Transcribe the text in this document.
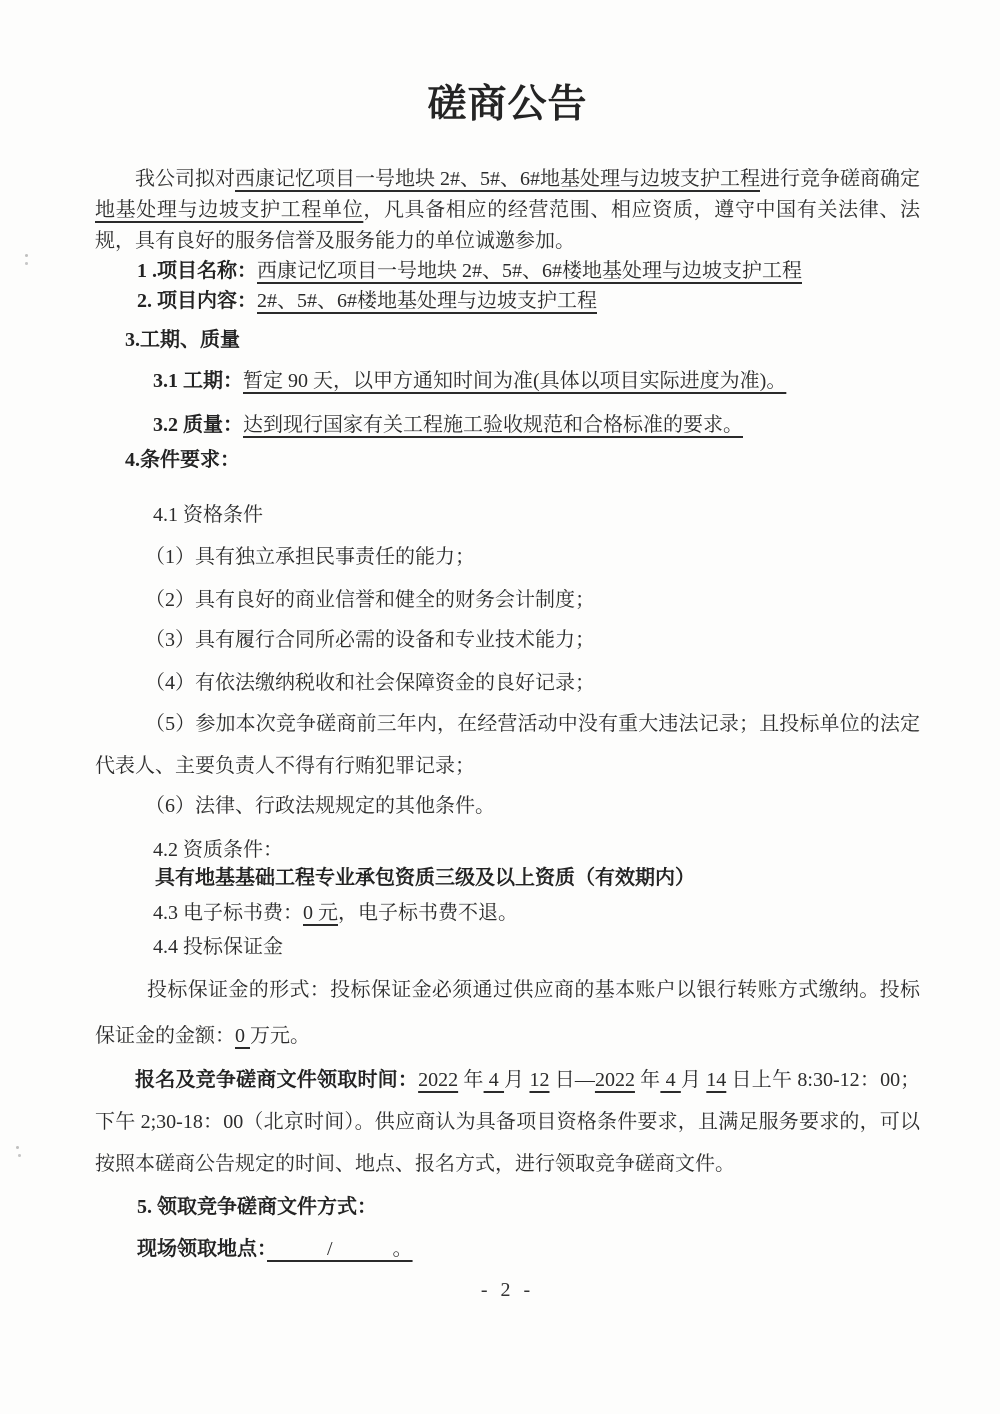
磋商公告
我公司拟对西康记忆项目一号地块 2#、5#、6#地基处理与边坡支护工程进行竞争磋商确定地基处理与边坡支护工程单位，凡具备相应的经营范围、相应资质，遵守中国有关法律、法规，具有良好的服务信誉及服务能力的单位诚邀参加。
1 .项目名称：西康记忆项目一号地块 2#、5#、6#楼地基处理与边坡支护工程
2. 项目内容：2#、5#、6#楼地基处理与边坡支护工程
3.工期、质量
3.1 工期：暂定 90 天，以甲方通知时间为准(具体以项目实际进度为准)。
3.2 质量：达到现行国家有关工程施工验收规范和合格标准的要求。
4.条件要求：
4.1 资格条件
（1）具有独立承担民事责任的能力；
（2）具有良好的商业信誉和健全的财务会计制度；
（3）具有履行合同所必需的设备和专业技术能力；
（4）有依法缴纳税收和社会保障资金的良好记录；
（5）参加本次竞争磋商前三年内，在经营活动中没有重大违法记录；且投标单位的法定代表人、主要负责人不得有行贿犯罪记录；
（6）法律、行政法规规定的其他条件。
4.2 资质条件：
具有地基基础工程专业承包资质三级及以上资质（有效期内）
4.3 电子标书费：0 元，电子标书费不退。
4.4 投标保证金
投标保证金的形式：投标保证金必须通过供应商的基本账户以银行转账方式缴纳。投标保证金的金额：0 万元。
报名及竞争磋商文件领取时间：2022 年 4 月 12 日—2022 年 4 月 14 日上午 8:30-12：00；下午 2;30-18：00（北京时间）。供应商认为具备项目资格条件要求，且满足服务要求的，可以按照本磋商公告规定的时间、地点、报名方式，进行领取竞争磋商文件。
5. 领取竞争磋商文件方式：
现场领取地点：　　　/　　　。
- 2 -
